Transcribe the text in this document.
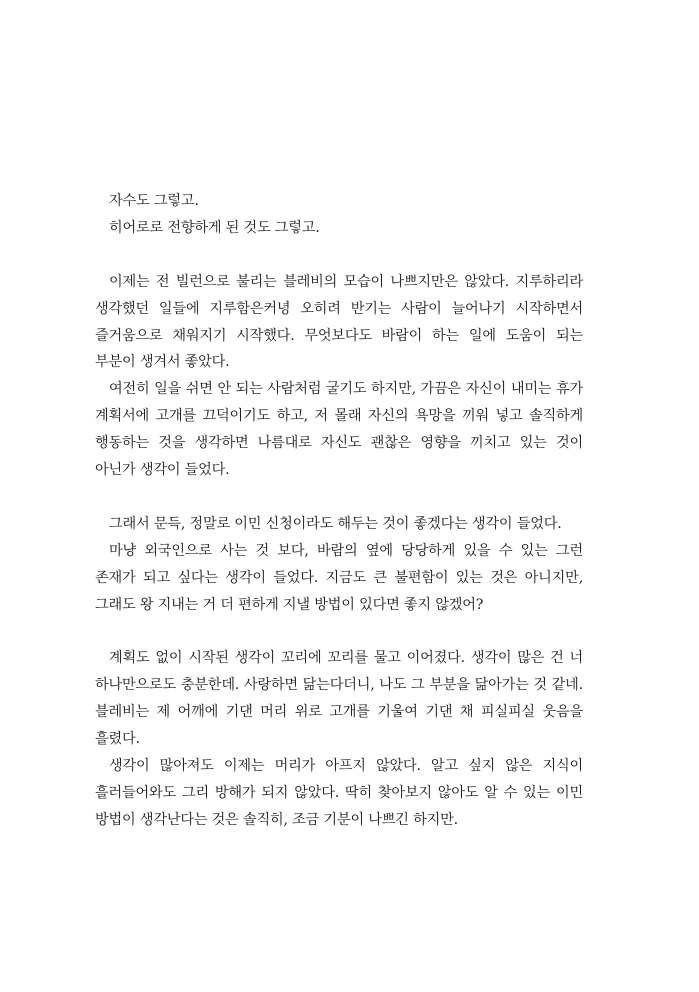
자수도 그렇고.

히어로로 전향하게 된 것도 그렇고.

이제는 전 빌런으로 불리는 블레비의 모습이 나쁘지만은 않았다. 지루하리라 생각했던 일들에 지루함은커녕 오히려 반기는 사람이 늘어나기 시작하면서 즐거움으로 채워지기 시작했다. 무엇보다도 바람이 하는 일에 도움이 되는 부분이 생겨서 좋았다.

여전히 일을 쉬면 안 되는 사람처럼 굴기도 하지만, 가끔은 자신이 내미는 휴가 계획서에 고개를 끄덕이기도 하고, 저 몰래 자신의 욕망을 끼워 넣고 솔직하게 행동하는 것을 생각하면 나름대로 자신도 괜찮은 영향을 끼치고 있는 것이 아닌가 생각이 들었다.

그래서 문득, 정말로 이민 신청이라도 해두는 것이 좋겠다는 생각이 들었다.

마냥 외국인으로 사는 것 보다, 바람의 옆에 당당하게 있을 수 있는 그런 존재가 되고 싶다는 생각이 들었다. 지금도 큰 불편함이 있는 것은 아니지만, 그래도 왕 지내는 거 더 편하게 지낼 방법이 있다면 좋지 않겠어?

계획도 없이 시작된 생각이 꼬리에 꼬리를 물고 이어졌다. 생각이 많은 건 너 하나만으로도 충분한데. 사랑하면 닮는다더니, 나도 그 부분을 닮아가는 것 같네. 블레비는 제 어깨에 기댄 머리 위로 고개를 기울여 기댄 채 피실피실 웃음을 흘렸다.

생각이 많아져도 이제는 머리가 아프지 않았다. 알고 싶지 않은 지식이 흘러들어와도 그리 방해가 되지 않았다. 딱히 찾아보지 않아도 알 수 있는 이민 방법이 생각난다는 것은 솔직히, 조금 기분이 나쁘긴 하지만.
